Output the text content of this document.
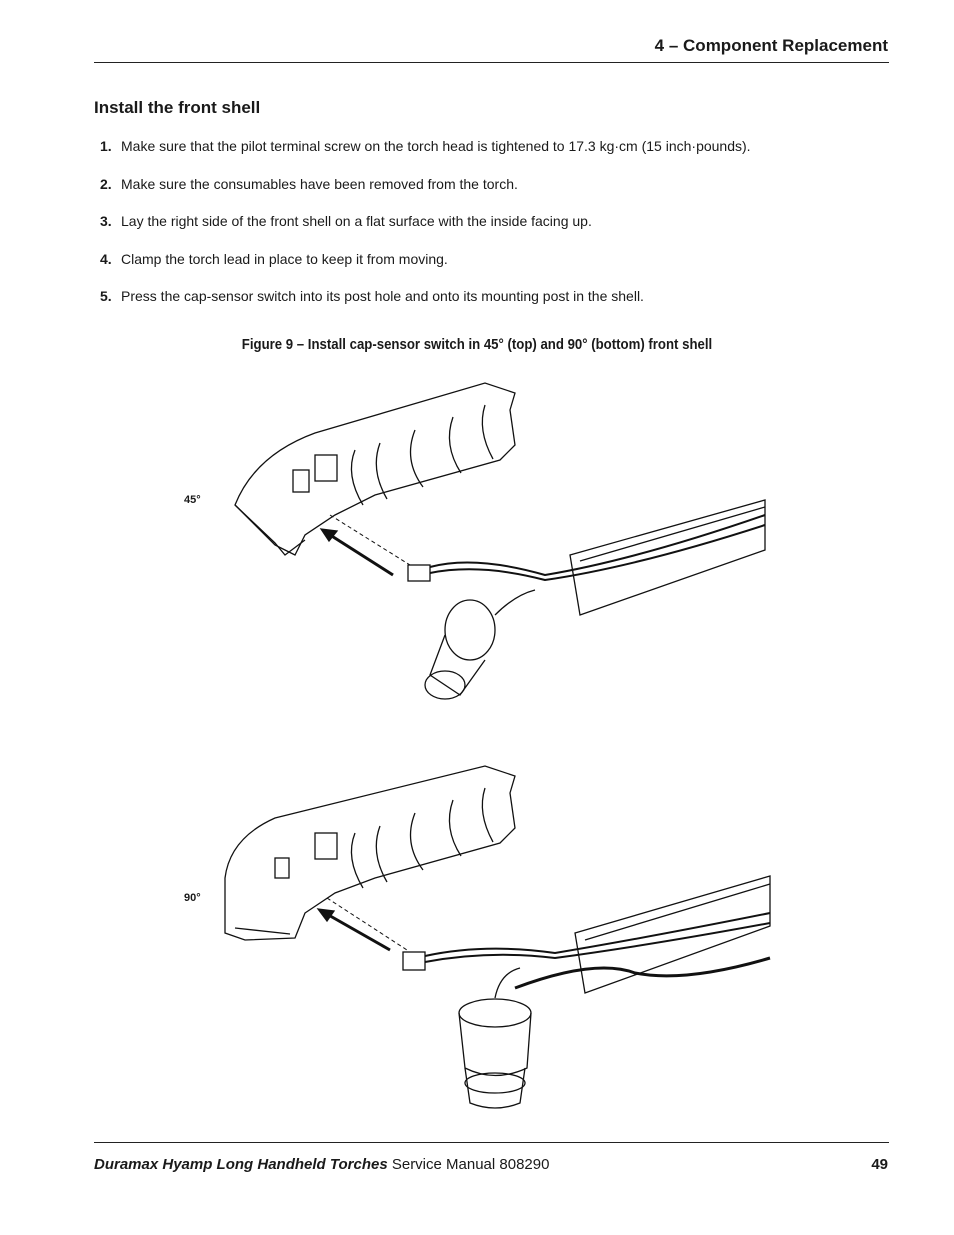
4 – Component Replacement
Install the front shell
1. Make sure that the pilot terminal screw on the torch head is tightened to 17.3 kg·cm (15 inch·pounds).
2. Make sure the consumables have been removed from the torch.
3. Lay the right side of the front shell on a flat surface with the inside facing up.
4. Clamp the torch lead in place to keep it from moving.
5. Press the cap-sensor switch into its post hole and onto its mounting post in the shell.
Figure 9 – Install cap-sensor switch in 45° (top) and 90° (bottom) front shell
45°
90°
Duramax Hyamp Long Handheld Torches Service Manual 808290	49
